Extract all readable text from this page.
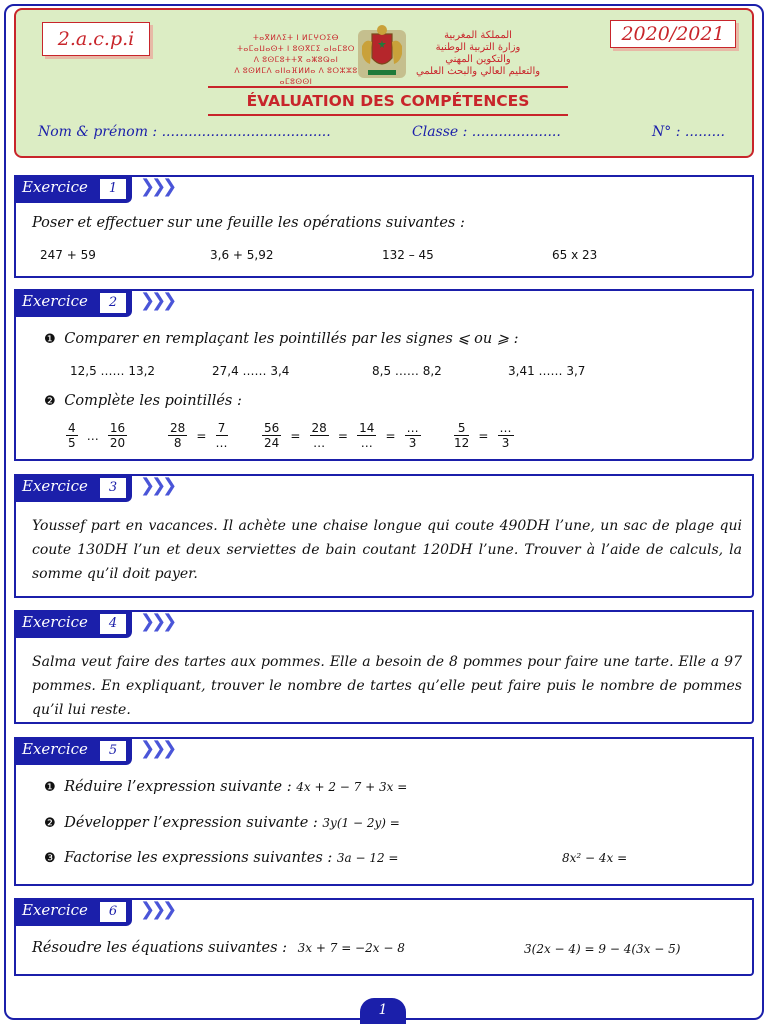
2.a.c.p.i	ⵜⴰⴳⵍⴷⵉⵜ ⵏ ⵍⵎⵖⵔⵉⴱ
ⵜⴰⵎⴰⵡⴰⵙⵜ ⵏ ⵓⵙⴳⵎⵉ ⴰⵏⴰⵎⵓⵔ
ⴷ ⵓⵙⵎⵓⵜⵜⴳ ⴰⵥⵓⵕⴰⵏ
ⴷ ⵓⵙⵍⵎⴷ ⴰⵏⵏⴰⴼⵍⵍⴰ ⴷ ⵓⵔⵣⵣⵓ ⴰⵎⵓⵙⵙⵏ
المملكة المغربية
وزارة التربية الوطنية
والتكوين المهني
والتعليم العالي والبحث العلمي
2020/2021
ÉVALUATION DES COMPÉTENCES
Nom & prénom : ......................................	Classe : ....................	N° : .........
Exercice	1	❯❯❯
Poser et effectuer sur une feuille les opérations suivantes :
247 + 59	3,6 + 5,92	132 – 45	65 x 23
Exercice	2	❯❯❯
❶ Comparer en remplaçant les pointillés par les signes ⩽ ou ⩾ :
12,5 …… 13,2	27,4 …… 3,4	8,5 …… 8,2	3,41 …… 3,7
❷ Complète les pointillés :
$\frac{4}{5}$ … $\frac{16}{20}$	$\frac{28}{8} = \frac{7}{\dots}$	$\frac{56}{24} = \frac{28}{\dots} = \frac{14}{\dots} = \frac{\dots}{3}$	$\frac{5}{12} = \frac{\dots}{3}$
Exercice	3	❯❯❯
Youssef part en vacances. Il achète une chaise longue qui coute 490DH l’une, un sac de plage qui coute 130DH l’un et deux serviettes de bain coutant 120DH l’une. Trouver à l’aide de calculs, la somme qu’il doit payer.
Exercice	4	❯❯❯
Salma veut faire des tartes aux pommes. Elle a besoin de 8 pommes pour faire une tarte. Elle a 97 pommes. En expliquant, trouver le nombre de tartes qu’elle peut faire puis le nombre de pommes qu’il lui reste.
Exercice	5	❯❯❯
❶ Réduire l’expression suivante : 4x + 2 − 7 + 3x =
❷ Développer l’expression suivante : 3y(1 − 2y) =
❸ Factorise les expressions suivantes : 3a − 12 =	8x² − 4x =
Exercice	6	❯❯❯
Résoudre les équations suivantes : 3x + 7 = −2x − 8	3(2x − 4) = 9 − 4(3x − 5)
1
